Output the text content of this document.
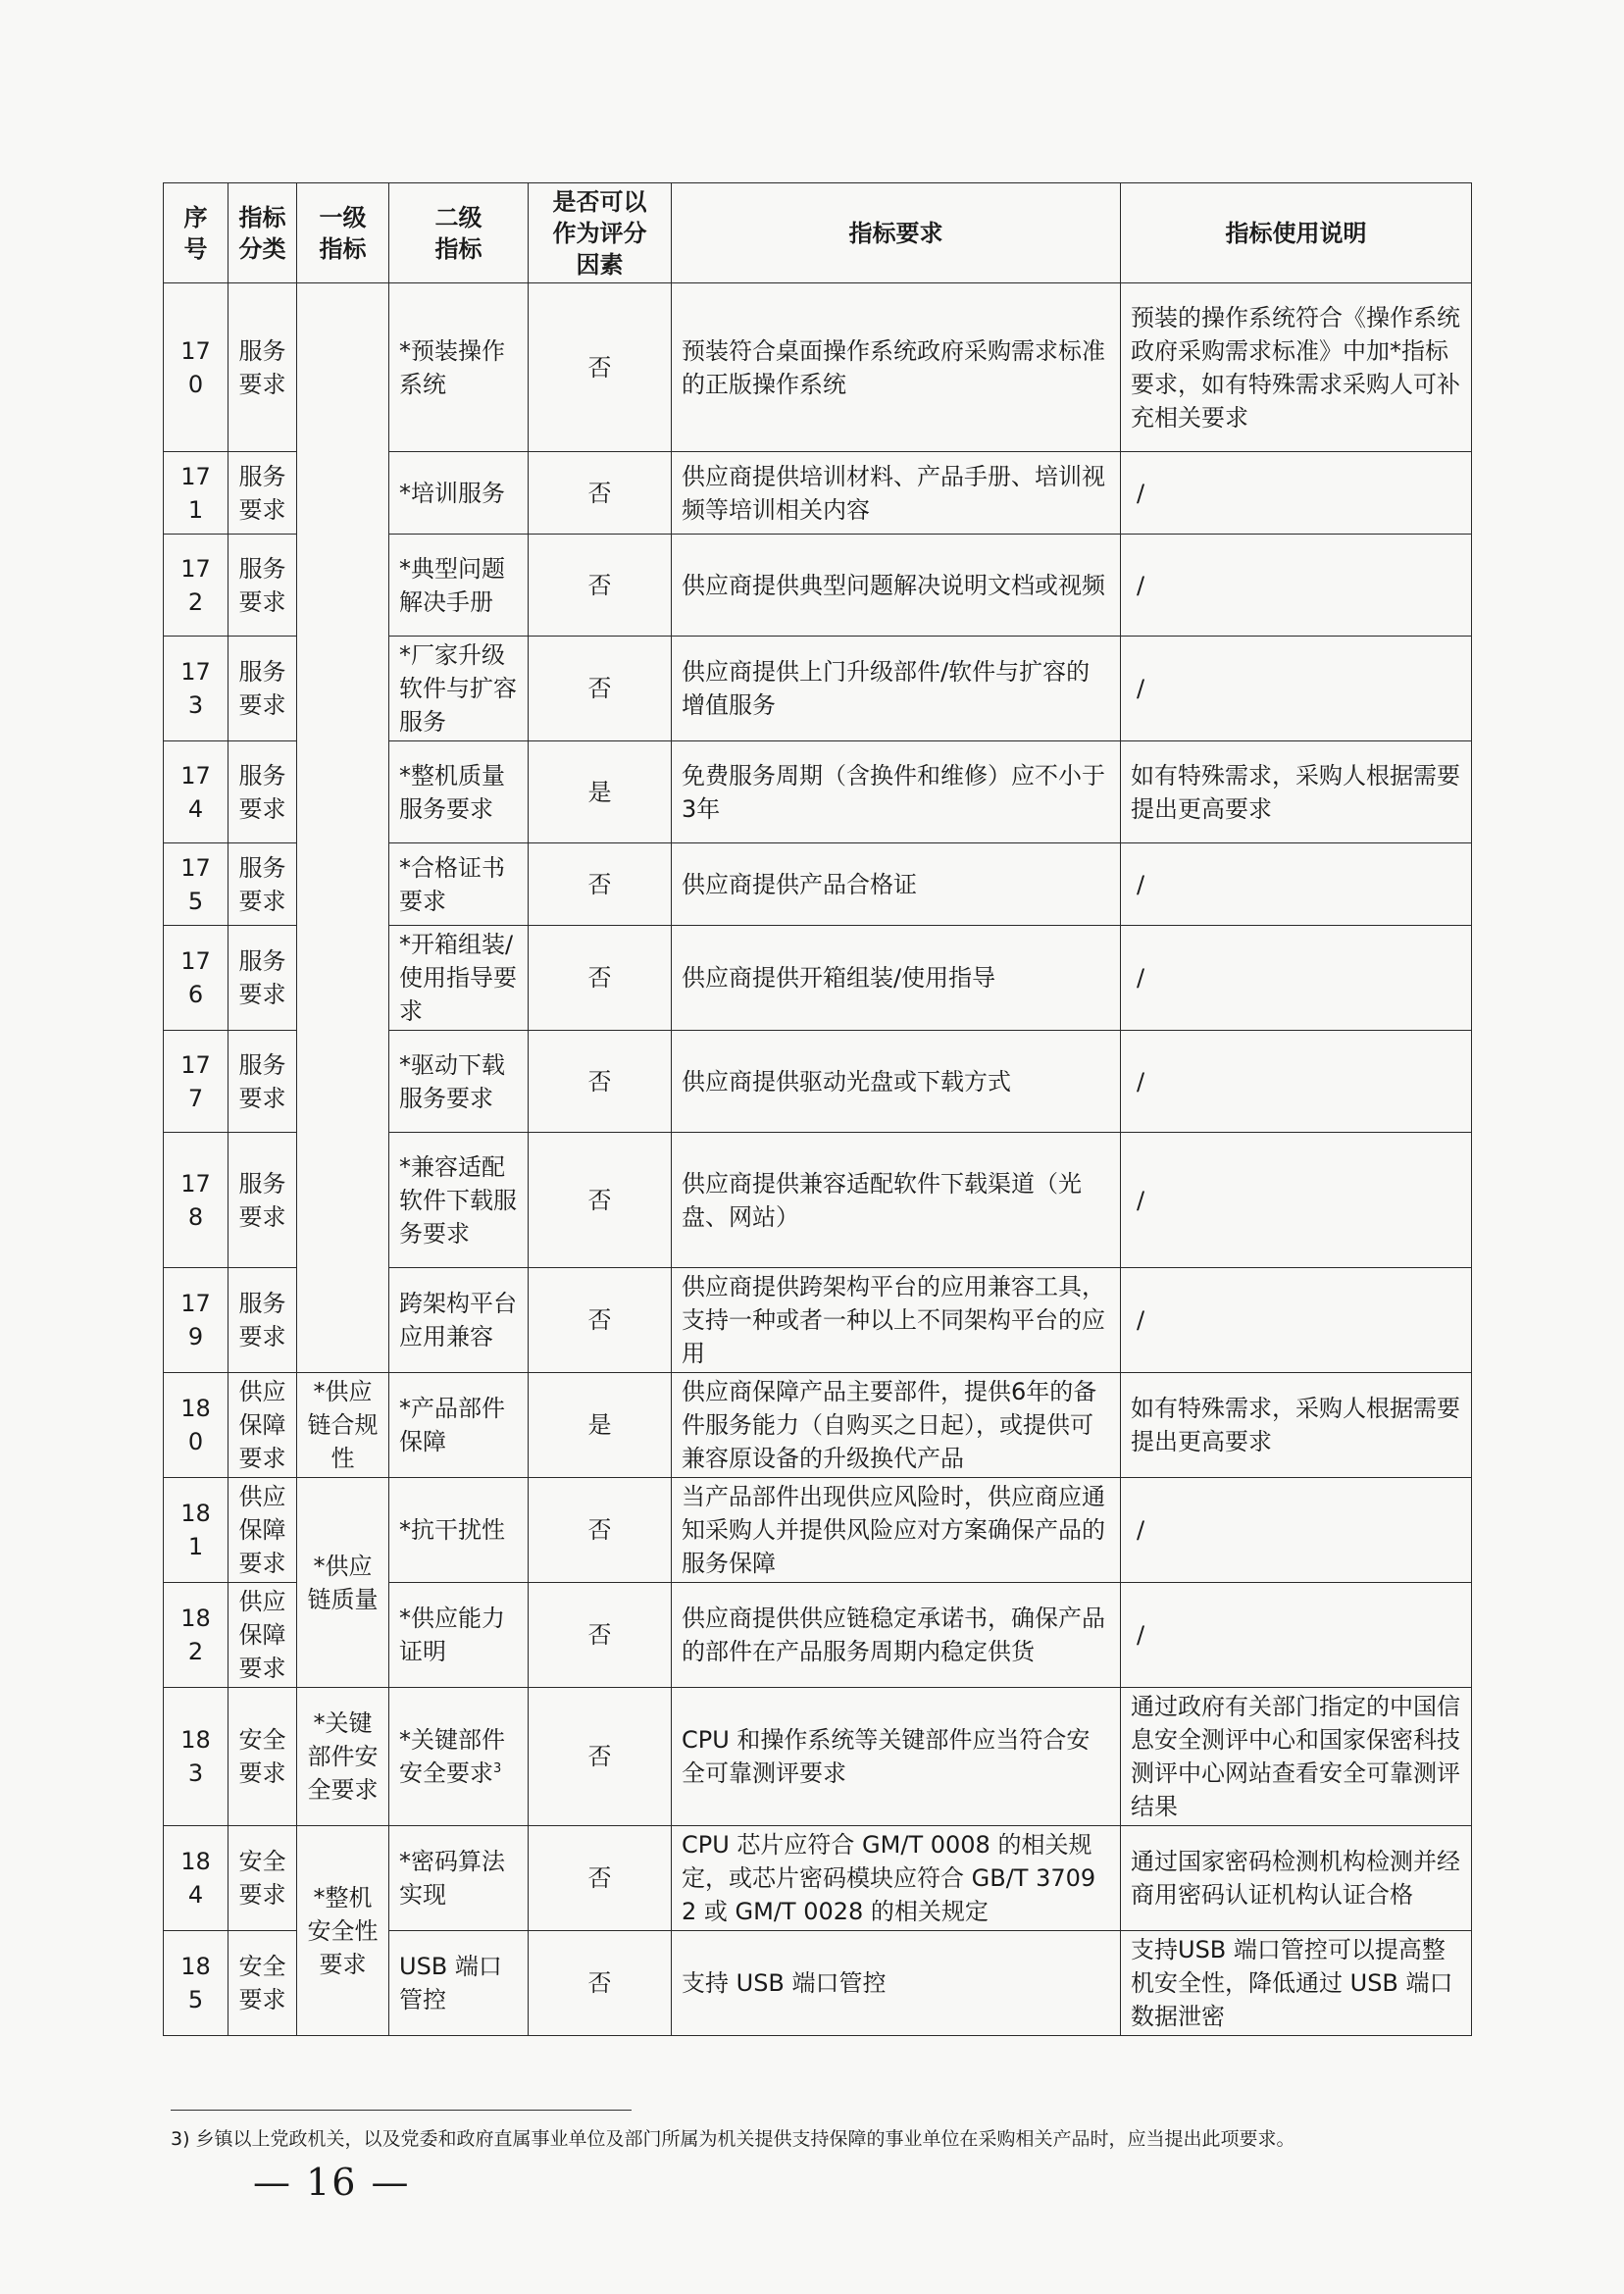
序号	指标分类	一级指标	二级指标	是否可以作为评分因素	指标要求	指标使用说明
170	服务要求		*预装操作系统	否	预装符合桌面操作系统政府采购需求标准的正版操作系统	预装的操作系统符合《操作系统政府采购需求标准》中加*指标要求，如有特殊需求采购人可补充相关要求
171	服务要求		*培训服务	否	供应商提供培训材料、产品手册、培训视频等培训相关内容	/
172	服务要求		*典型问题解决手册	否	供应商提供典型问题解决说明文档或视频	/
173	服务要求		*厂家升级软件与扩容服务	否	供应商提供上门升级部件/软件与扩容的增值服务	/
174	服务要求		*整机质量服务要求	是	免费服务周期（含换件和维修）应不小于3年	如有特殊需求，采购人根据需要提出更高要求
175	服务要求		*合格证书要求	否	供应商提供产品合格证	/
176	服务要求		*开箱组装/使用指导要求	否	供应商提供开箱组装/使用指导	/
177	服务要求		*驱动下载服务要求	否	供应商提供驱动光盘或下载方式	/
178	服务要求		*兼容适配软件下载服务要求	否	供应商提供兼容适配软件下载渠道（光盘、网站）	/
179	服务要求		跨架构平台应用兼容	否	供应商提供跨架构平台的应用兼容工具，支持一种或者一种以上不同架构平台的应用	/
180	供应保障要求	*供应链合规性	*产品部件保障	是	供应商保障产品主要部件，提供6年的备件服务能力（自购买之日起），或提供可兼容原设备的升级换代产品	如有特殊需求，采购人根据需要提出更高要求
181	供应保障要求	*供应链质量	*抗干扰性	否	当产品部件出现供应风险时，供应商应通知采购人并提供风险应对方案确保产品的服务保障	/
182	供应保障要求		*供应能力证明	否	供应商提供供应链稳定承诺书，确保产品的部件在产品服务周期内稳定供货	/
183	安全要求	*关键部件安全要求	*关键部件安全要求$^3$	否	CPU 和操作系统等关键部件应当符合安全可靠测评要求	通过政府有关部门指定的中国信息安全测评中心和国家保密科技测评中心网站查看安全可靠测评结果
184	安全要求	*整机安全性要求	*密码算法实现	否	CPU 芯片应符合 GM/T 0008 的相关规定，或芯片密码模块应符合 GB/T 37092 或 GM/T 0028 的相关规定	通过国家密码检测机构检测并经商用密码认证机构认证合格
185	安全要求		USB 端口管控	否	支持 USB 端口管控	支持USB 端口管控可以提高整机安全性，降低通过 USB 端口数据泄密
3) 乡镇以上党政机关，以及党委和政府直属事业单位及部门所属为机关提供支持保障的事业单位在采购相关产品时，应当提出此项要求。
— 16 —
